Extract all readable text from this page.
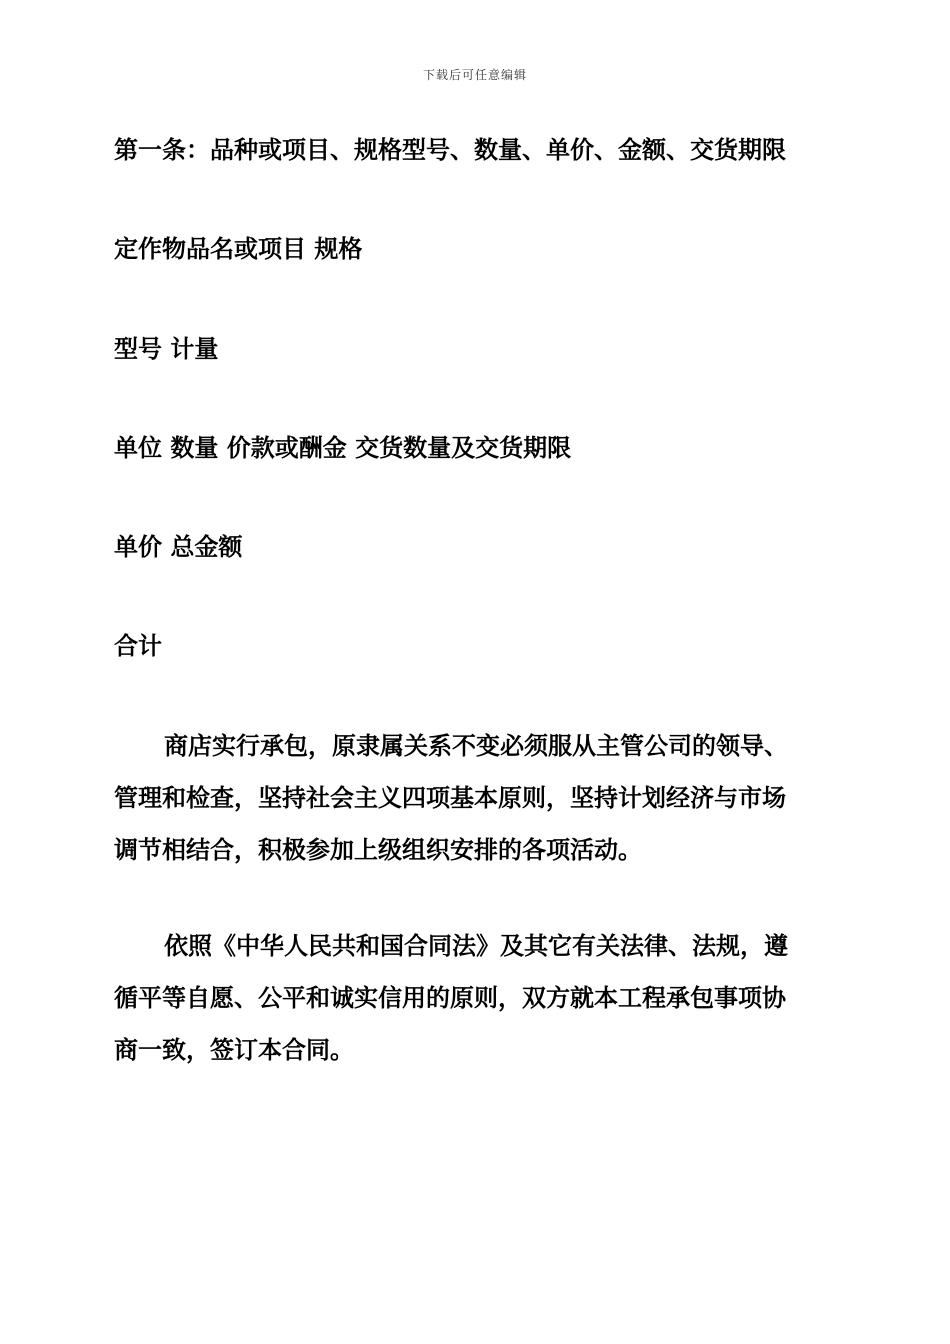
下载后可任意编辑
第一条：品种或项目、规格型号、数量、单价、金额、交货期限
定作物品名或项目 规格
型号 计量
单位 数量 价款或酬金 交货数量及交货期限
单价 总金额
合计
商店实行承包，原隶属关系不变必须服从主管公司的领导、
管理和检查，坚持社会主义四项基本原则，坚持计划经济与市场
调节相结合，积极参加上级组织安排的各项活动。
依照《中华人民共和国合同法》及其它有关法律、法规，遵
循平等自愿、公平和诚实信用的原则，双方就本工程承包事项协
商一致，签订本合同。
